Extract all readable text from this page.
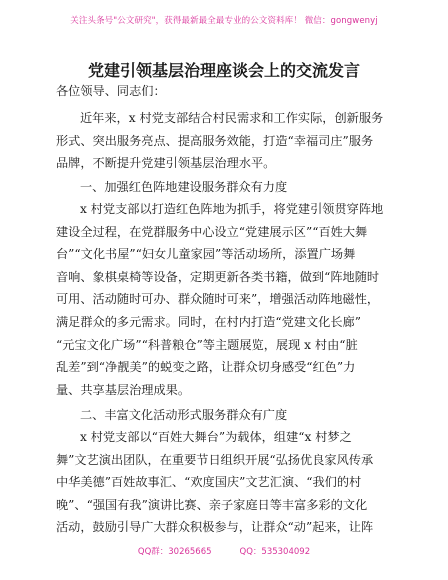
关注头条号"公文研究"，获得最新最全最专业的公文资料库！ 微信：gongwenyj
党建引领基层治理座谈会上的交流发言
各位领导、同志们：
近年来，x 村党支部结合村民需求和工作实际，创新服务
形式、突出服务亮点、提高服务效能，打造“幸福司庄”服务
品牌，不断提升党建引领基层治理水平。
一、加强红色阵地建设服务群众有力度
x 村党支部以打造红色阵地为抓手，将党建引领贯穿阵地
建设全过程，在党群服务中心设立“党建展示区”“百姓大舞
台”“文化书屋”“妇女儿童家园”等活动场所，添置广场舞
音响、象棋桌椅等设备，定期更新各类书籍，做到“阵地随时
可用、活动随时可办、群众随时可来”，增强活动阵地磁性，
满足群众的多元需求。同时，在村内打造“党建文化长廊”
“元宝文化广场”“科普粮仓”等主题展览，展现 x 村由“脏
乱差”到“净靓美”的蜕变之路，让群众切身感受“红色”力
量、共享基层治理成果。
二、丰富文化活动形式服务群众有广度
x 村党支部以“百姓大舞台”为载体，组建“x 村梦之
舞”文艺演出团队，在重要节日组织开展“弘扬优良家风传承
中华美德”百姓故事汇、“欢度国庆”文艺汇演、“我们的村
晚”、“强国有我”演讲比赛、亲子家庭日等丰富多彩的文化
活动，鼓励引导广大群众积极参与，让群众“动”起来，让阵
QQ群：30265665	QQ：535304092
